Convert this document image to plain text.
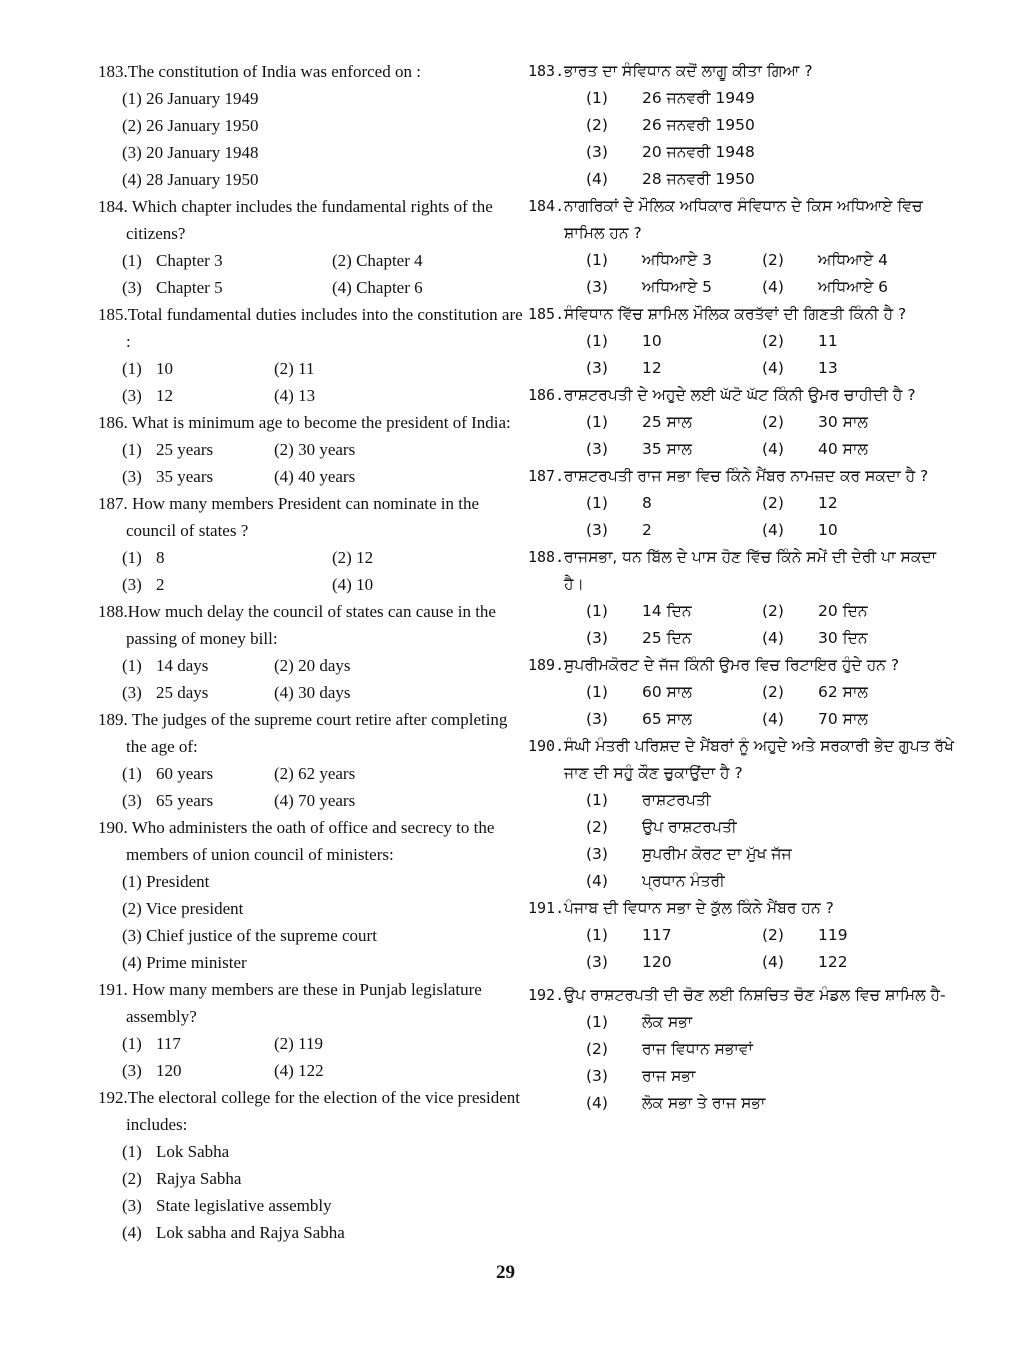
183.The constitution of India was enforced on :
(1) 26 January 1949
(2) 26 January 1950
(3) 20 January 1948
(4) 28 January 1950
184. Which chapter includes the fundamental rights of the citizens?
(1) Chapter 3	(2) Chapter 4
(3) Chapter 5	(4) Chapter 6
185.Total fundamental duties includes into the constitution are :
(1) 10	(2) 11
(3) 12	(4) 13
186. What is minimum age to become the president of India:
(1) 25 years	(2) 30 years
(3) 35 years	(4) 40 years
187. How many members President can nominate in the council of states ?
(1) 8	(2) 12
(3) 2	(4) 10
188.How much delay the council of states can cause in the passing of money bill:
(1) 14 days	(2) 20 days
(3) 25 days	(4) 30 days
189. The judges of the supreme court retire after completing the age of:
(1) 60 years	(2) 62 years
(3) 65 years	(4) 70 years
190. Who administers the oath of office and secrecy to the members of union council of ministers:
(1) President
(2) Vice president
(3) Chief justice of the supreme court
(4) Prime minister
191. How many members are these in Punjab legislature assembly?
(1) 117	(2) 119
(3) 120	(4) 122
192.The electoral college for the election of the vice president includes:
(1) Lok Sabha
(2) Rajya Sabha
(3) State legislative assembly
(4) Lok sabha and Rajya Sabha
183. ਭਾਰਤ ਦਾ ਸੰਵਿਧਾਨ ਕਦੋਂ ਲਾਗੂ ਕੀਤਾ ਗਿਆ ?
(1)	26 ਜਨਵਰੀ 1949
(2)	26 ਜਨਵਰੀ 1950
(3)	20 ਜਨਵਰੀ 1948
(4)	28 ਜਨਵਰੀ 1950
184. ਨਾਗਰਿਕਾਂ ਦੇ ਮੌਲਿਕ ਅਧਿਕਾਰ ਸੰਵਿਧਾਨ ਦੇ ਕਿਸ ਅਧਿਆਏ ਵਿਚ ਸ਼ਾਮਿਲ ਹਨ ?
(1)	ਅਧਿਆਏ 3	(2)	ਅਧਿਆਏ 4
(3)	ਅਧਿਆਏ 5	(4)	ਅਧਿਆਏ 6
185. ਸੰਵਿਧਾਨ ਵਿੱਚ ਸ਼ਾਮਿਲ ਮੌਲਿਕ ਕਰਤੱਵਾਂ ਦੀ ਗਿਣਤੀ ਕਿੰਨੀ ਹੈ ?
(1)	10	(2)	11
(3)	12	(4)	13
186. ਰਾਸ਼ਟਰਪਤੀ ਦੇ ਅਹੁਦੇ ਲਈ ਘੱਟੋ ਘੱਟ ਕਿੰਨੀ ਉਮਰ ਚਾਹੀਦੀ ਹੈ ?
(1)	25 ਸਾਲ	(2)	30 ਸਾਲ
(3)	35 ਸਾਲ	(4)	40 ਸਾਲ
187. ਰਾਸ਼ਟਰਪਤੀ ਰਾਜ ਸਭਾ ਵਿਚ ਕਿੰਨੇ ਮੈਂਬਰ ਨਾਮਜ਼ਦ ਕਰ ਸਕਦਾ ਹੈ ?
(1)	8	(2)	12
(3)	2	(4)	10
188. ਰਾਜਸਭਾ, ਧਨ ਬਿੱਲ ਦੇ ਪਾਸ ਹੋਣ ਵਿੱਚ ਕਿੰਨੇ ਸਮੇਂ ਦੀ ਦੇਰੀ ਪਾ ਸਕਦਾ ਹੈ।
(1)	14 ਦਿਨ	(2)	20 ਦਿਨ
(3)	25 ਦਿਨ	(4)	30 ਦਿਨ
189. ਸੁਪਰੀਮਕੋਰਟ ਦੇ ਜੱਜ ਕਿੰਨੀ ਉਮਰ ਵਿਚ ਰਿਟਾਇਰ ਹੁੰਦੇ ਹਨ ?
(1)	60 ਸਾਲ	(2)	62 ਸਾਲ
(3)	65 ਸਾਲ	(4)	70 ਸਾਲ
190. ਸੰਘੀ ਮੰਤਰੀ ਪਰਿਸ਼ਦ ਦੇ ਮੈਂਬਰਾਂ ਨੂੰ ਅਹੁਦੇ ਅਤੇ ਸਰਕਾਰੀ ਭੇਦ ਗੁਪਤ ਰੱਖੇ ਜਾਣ ਦੀ ਸਹੁੰ ਕੌਣ ਚੁਕਾਉਂਦਾ ਹੈ ?
(1)	ਰਾਸ਼ਟਰਪਤੀ
(2)	ਉਪ ਰਾਸ਼ਟਰਪਤੀ
(3)	ਸੁਪਰੀਮ ਕੋਰਟ ਦਾ ਮੁੱਖ ਜੱਜ
(4)	ਪ੍ਰਧਾਨ ਮੰਤਰੀ
191. ਪੰਜਾਬ ਦੀ ਵਿਧਾਨ ਸਭਾ ਦੇ ਕੁੱਲ ਕਿੰਨੇ ਮੈਂਬਰ ਹਨ ?
(1)	117	(2)	119
(3)	120	(4)	122
192. ਉਪ ਰਾਸ਼ਟਰਪਤੀ ਦੀ ਚੋਣ ਲਈ ਨਿਸ਼ਚਿਤ ਚੋਣ ਮੰਡਲ ਵਿਚ ਸ਼ਾਮਿਲ ਹੈ-
(1)	ਲੋਕ ਸਭਾ
(2)	ਰਾਜ ਵਿਧਾਨ ਸਭਾਵਾਂ
(3)	ਰਾਜ ਸਭਾ
(4)	ਲੋਕ ਸਭਾ ਤੇ ਰਾਜ ਸਭਾ
29
